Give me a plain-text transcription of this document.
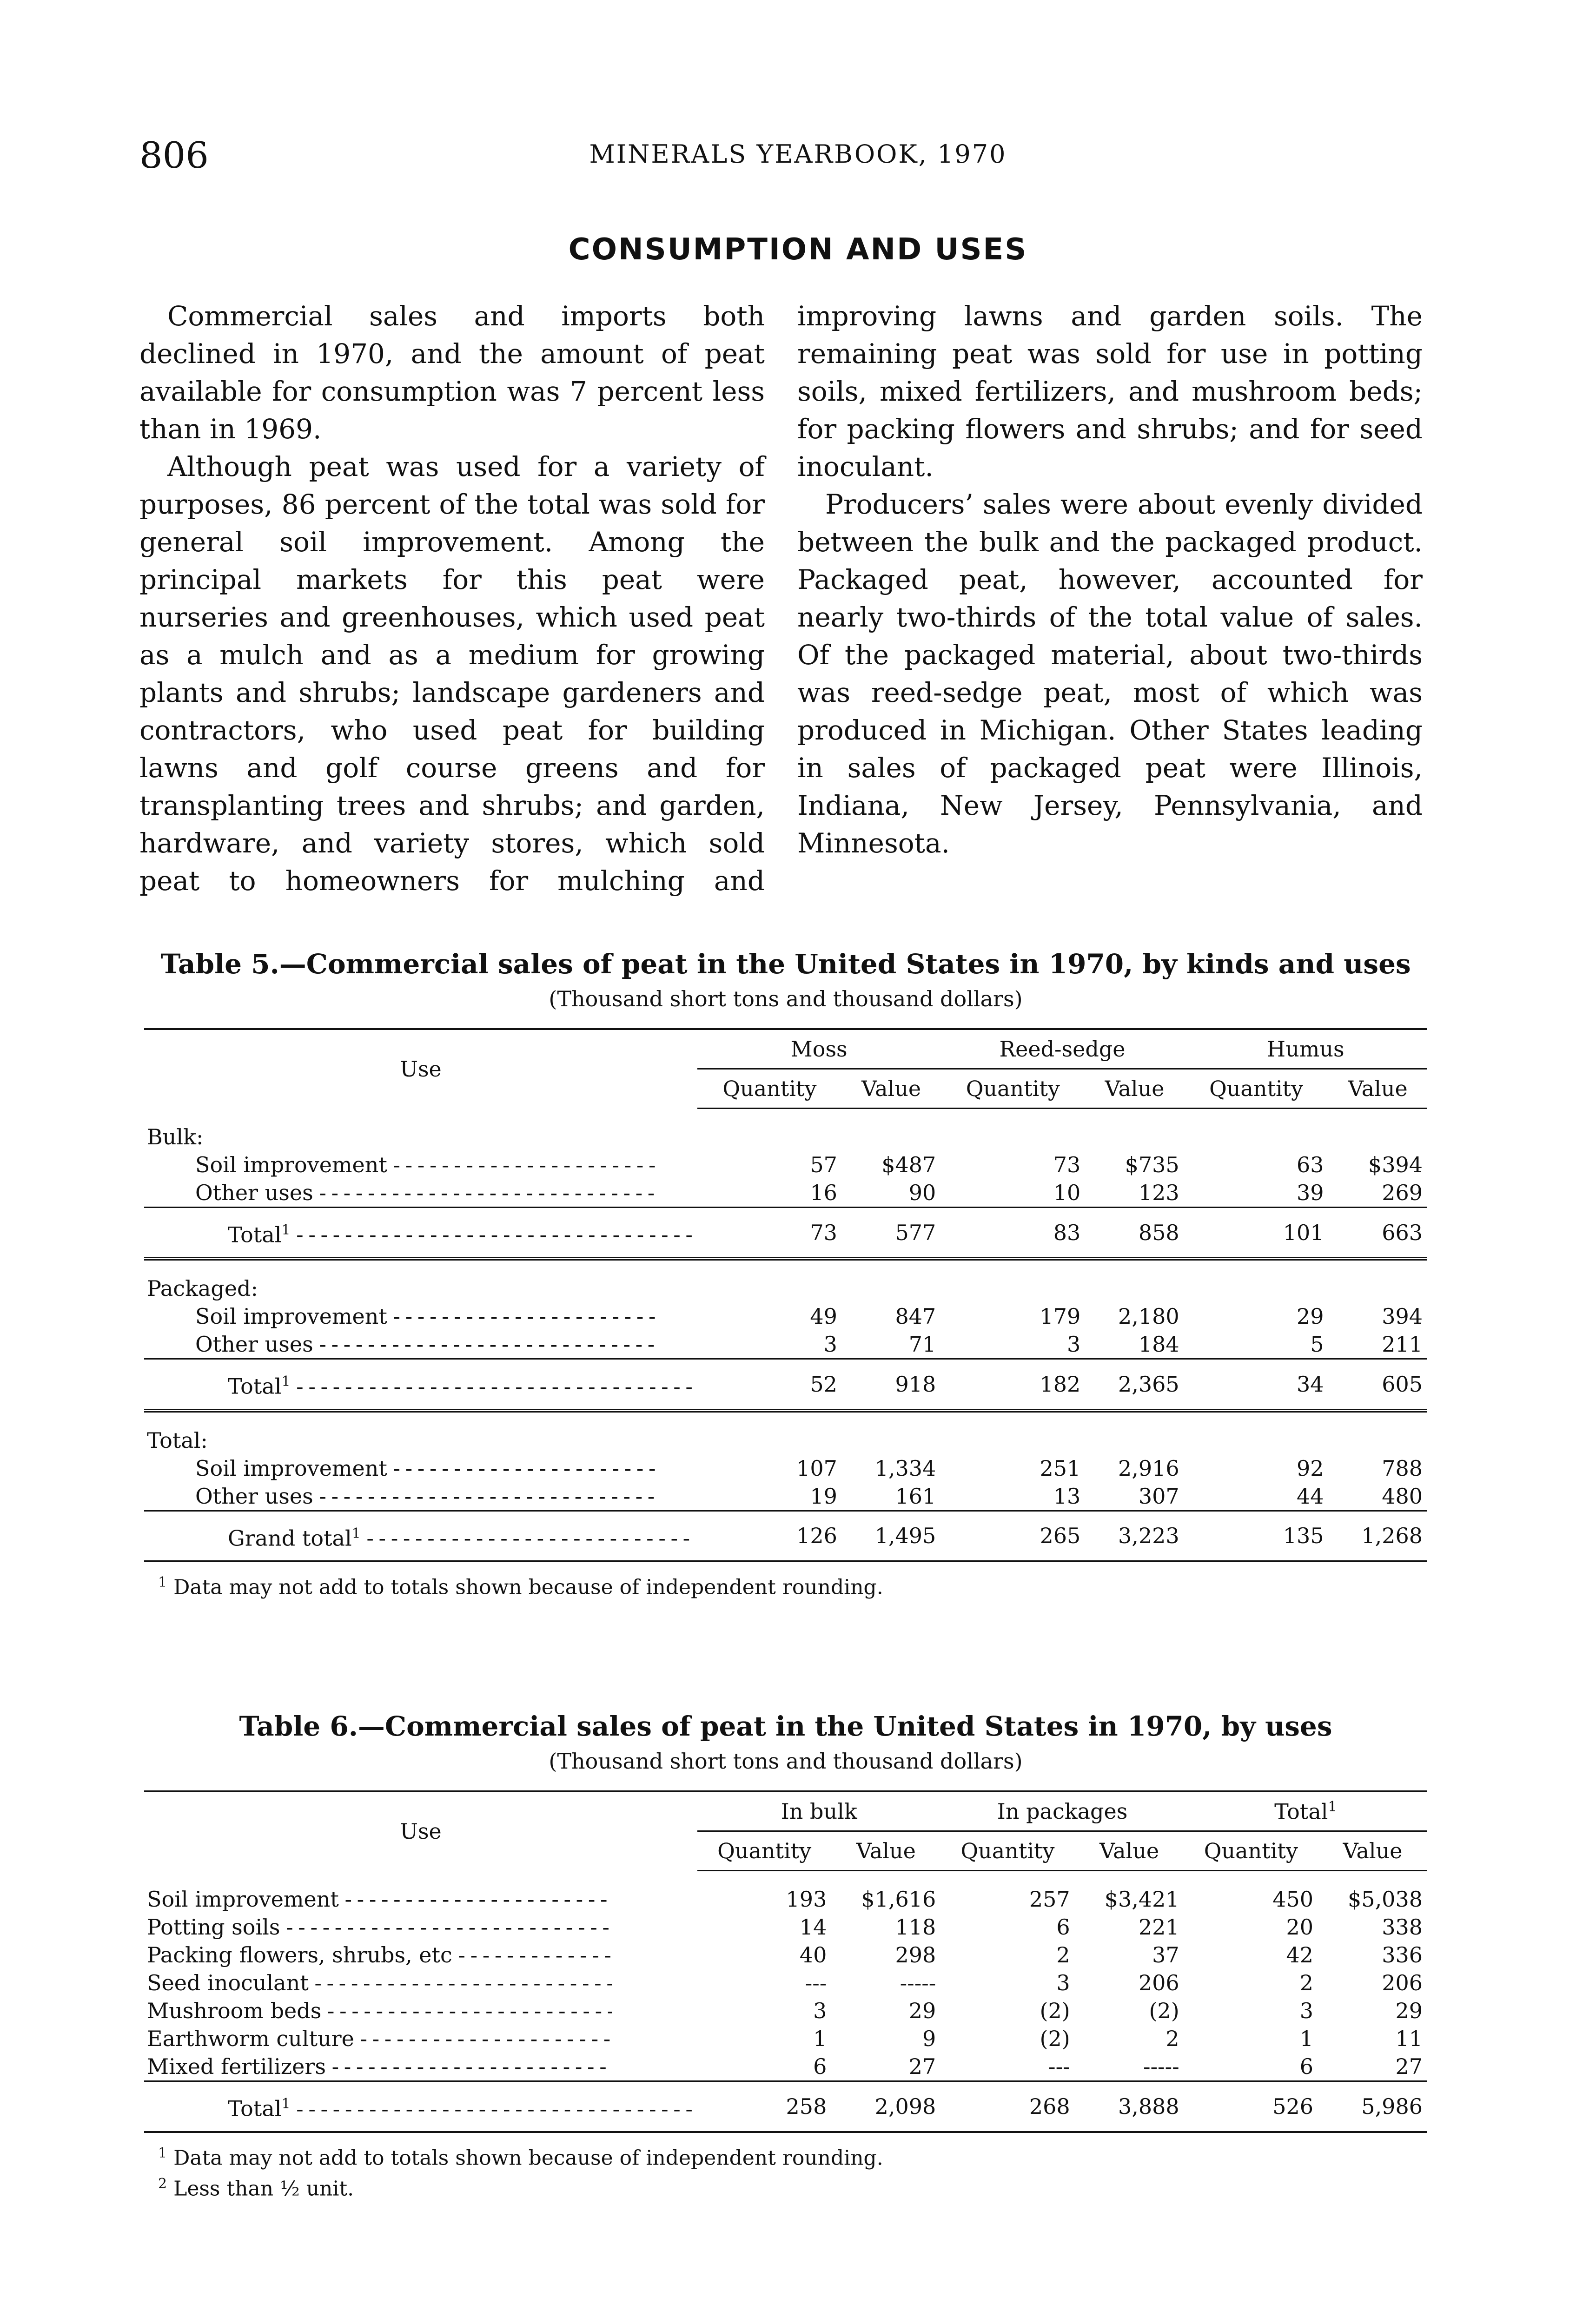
806	MINERALS YEARBOOK, 1970
CONSUMPTION AND USES

Commercial sales and imports both declined in 1970, and the amount of peat available for consumption was 7 percent less than in 1969.

Although peat was used for a variety of purposes, 86 percent of the total was sold for general soil improvement. Among the principal markets for this peat were nurseries and greenhouses, which used peat as a mulch and as a medium for growing plants and shrubs; landscape gardeners and contractors, who used peat for building lawns and golf course greens and for transplanting trees and shrubs; and garden, hardware, and variety stores, which sold peat to homeowners for mulching and improving lawns and garden soils. The remaining peat was sold for use in potting soils, mixed fertilizers, and mushroom beds; for packing flowers and shrubs; and for seed inoculant.

Producers’ sales were about evenly divided between the bulk and the packaged product. Packaged peat, however, accounted for nearly two-thirds of the total value of sales. Of the packaged material, about two-thirds was reed-sedge peat, most of which was produced in Michigan. Other States leading in sales of packaged peat were Illinois, Indiana, New Jersey, Pennsylvania, and Minnesota.

Table 5.—Commercial sales of peat in the United States in 1970, by kinds and uses

(Thousand short tons and thousand dollars)

Use	Moss		Reed-sedge		Humus	
	Quantity	Value	Quantity	Value	Quantity	Value
Bulk:						

Soil improvement - - -	57	$487	73	$735	63	$394

Other uses - - -	16	90	10	123	39	269

Total$^1$ - - -	73	577	83	858	101	663
Packaged:						

Soil improvement - - -	49	847	179	2,180	29	394

Other uses - - -	3	71	3	184	5	211

Total$^1$ - - -	52	918	182	2,365	34	605
Total:						

Soil improvement - - -	107	1,334	251	2,916	92	788

Other uses - - -	19	161	13	307	44	480

Grand total$^1$ - - -	126	1,495	265	3,223	135	1,268
$^1$ Data may not add to totals shown because of independent rounding.

Table 6.—Commercial sales of peat in the United States in 1970, by uses

(Thousand short tons and thousand dollars)

Use	In bulk		In packages		Total$^1$
	Quantity	Value	Quantity	Value	Quantity	Value

Soil improvement - - -	193	$1,616	257	$3,421	450	$5,038

Potting soils - - -	14	118	6	221	20	338

Packing flowers, shrubs, etc - - -	40	298	2	37	42	336

Seed inoculant - - -	---	-----	3	206	2	206

Mushroom beds - - -	3	29	(2)	(2)	3	29

Earthworm culture - - -	1	9	(2)	2	1	11

Mixed fertilizers - - -	6	27	---	-----	6	27

Total$^1$ - - -	258	2,098	268	3,888	526	5,986
$^1$ Data may not add to totals shown because of independent rounding.
$^2$ Less than ½ unit.
